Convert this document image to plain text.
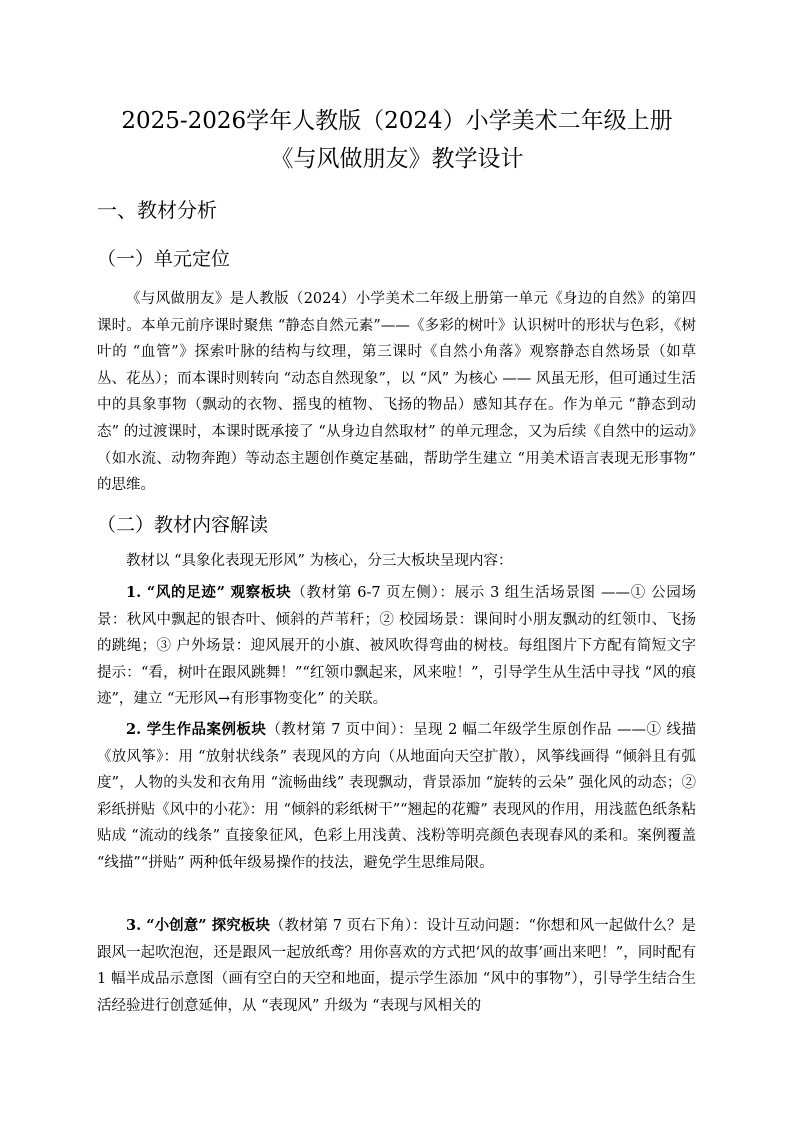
2025-2026学年人教版（2024）小学美术二年级上册
《与风做朋友》教学设计
一、教材分析
（一）单元定位

《与风做朋友》是人教版（2024）小学美术二年级上册第一单元《身边的自然》的第四课时。本单元前序课时聚焦 “静态自然元素”——《多彩的树叶》认识树叶的形状与色彩，《树叶的 “血管”》探索叶脉的结构与纹理，第三课时《自然小角落》观察静态自然场景（如草丛、花丛）；而本课时则转向 “动态自然现象”，以 “风” 为核心 —— 风虽无形，但可通过生活中的具象事物（飘动的衣物、摇曳的植物、飞扬的物品）感知其存在。作为单元 “静态到动态” 的过渡课时，本课时既承接了 “从身边自然取材” 的单元理念，又为后续《自然中的运动》（如水流、动物奔跑）等动态主题创作奠定基础，帮助学生建立 “用美术语言表现无形事物” 的思维。

（二）教材内容解读

教材以 “具象化表现无形风” 为核心，分三大板块呈现内容：

1. “风的足迹” 观察板块（教材第 6-7 页左侧）：展示 3 组生活场景图 ——① 公园场景：秋风中飘起的银杏叶、倾斜的芦苇秆；② 校园场景：课间时小朋友飘动的红领巾、飞扬的跳绳；③ 户外场景：迎风展开的小旗、被风吹得弯曲的树枝。每组图片下方配有简短文字提示：“看，树叶在跟风跳舞！”“红领巾飘起来，风来啦！”，引导学生从生活中寻找 “风的痕迹”，建立 “无形风→有形事物变化” 的关联。

2. 学生作品案例板块（教材第 7 页中间）：呈现 2 幅二年级学生原创作品 ——① 线描《放风筝》：用 “放射状线条” 表现风的方向（从地面向天空扩散），风筝线画得 “倾斜且有弧度”，人物的头发和衣角用 “流畅曲线” 表现飘动，背景添加 “旋转的云朵” 强化风的动态；② 彩纸拼贴《风中的小花》：用 “倾斜的彩纸树干”“翘起的花瓣” 表现风的作用，用浅蓝色纸条粘贴成 “流动的线条” 直接象征风，色彩上用浅黄、浅粉等明亮颜色表现春风的柔和。案例覆盖 “线描”“拼贴” 两种低年级易操作的技法，避免学生思维局限。

3. “小创意” 探究板块（教材第 7 页右下角）：设计互动问题：“你想和风一起做什么？是跟风一起吹泡泡，还是跟风一起放纸鸢？用你喜欢的方式把‘风的故事’画出来吧！”，同时配有 1 幅半成品示意图（画有空白的天空和地面，提示学生添加 “风中的事物”），引导学生结合生活经验进行创意延伸，从 “表现风” 升级为 “表现与风相关的
